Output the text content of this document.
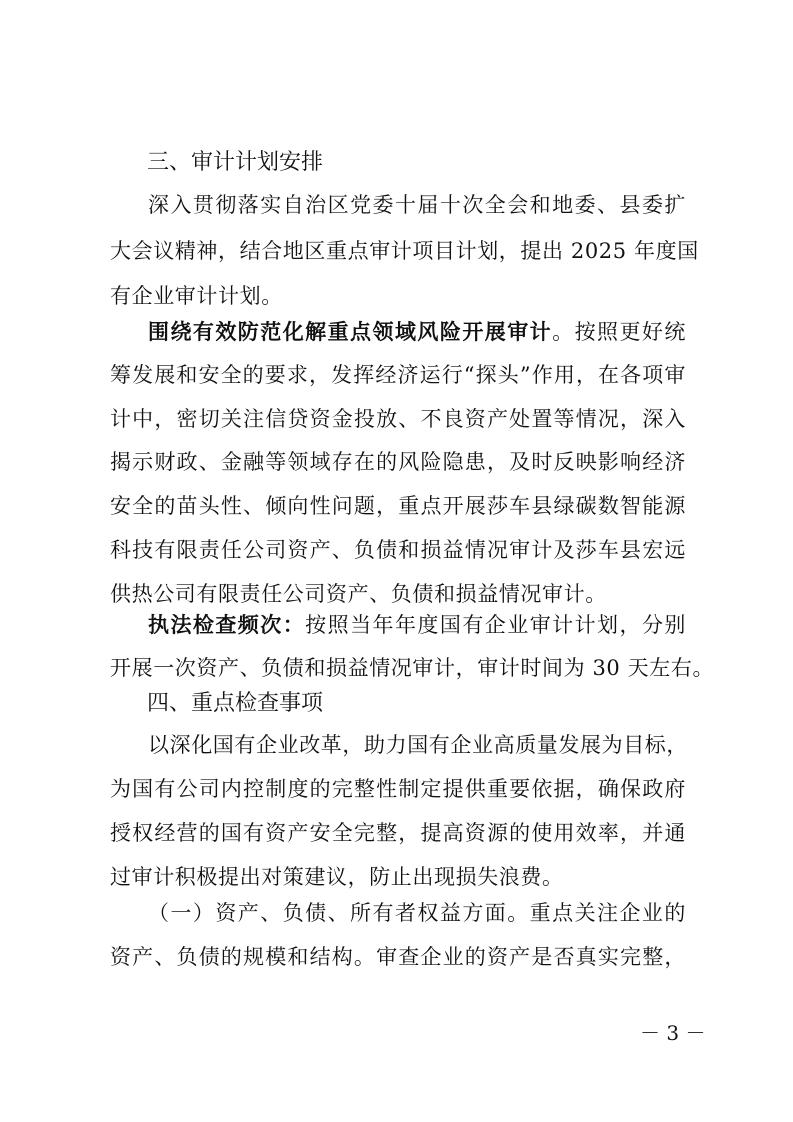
三、审计计划安排
深入贯彻落实自治区党委十届十次全会和地委、县委扩
大会议精神，结合地区重点审计项目计划，提出 2025 年度国
有企业审计计划。
围绕有效防范化解重点领域风险开展审计。按照更好统
筹发展和安全的要求，发挥经济运行“探头”作用，在各项审
计中，密切关注信贷资金投放、不良资产处置等情况，深入
揭示财政、金融等领域存在的风险隐患，及时反映影响经济
安全的苗头性、倾向性问题，重点开展莎车县绿碳数智能源
科技有限责任公司资产、负债和损益情况审计及莎车县宏远
供热公司有限责任公司资产、负债和损益情况审计。
执法检查频次：按照当年年度国有企业审计计划，分别
开展一次资产、负债和损益情况审计，审计时间为 30 天左右。
四、重点检查事项
以深化国有企业改革，助力国有企业高质量发展为目标，
为国有公司内控制度的完整性制定提供重要依据，确保政府
授权经营的国有资产安全完整，提高资源的使用效率，并通
过审计积极提出对策建议，防止出现损失浪费。
（一）资产、负债、所有者权益方面。重点关注企业的
资产、负债的规模和结构。审查企业的资产是否真实完整，
－ 3 －
